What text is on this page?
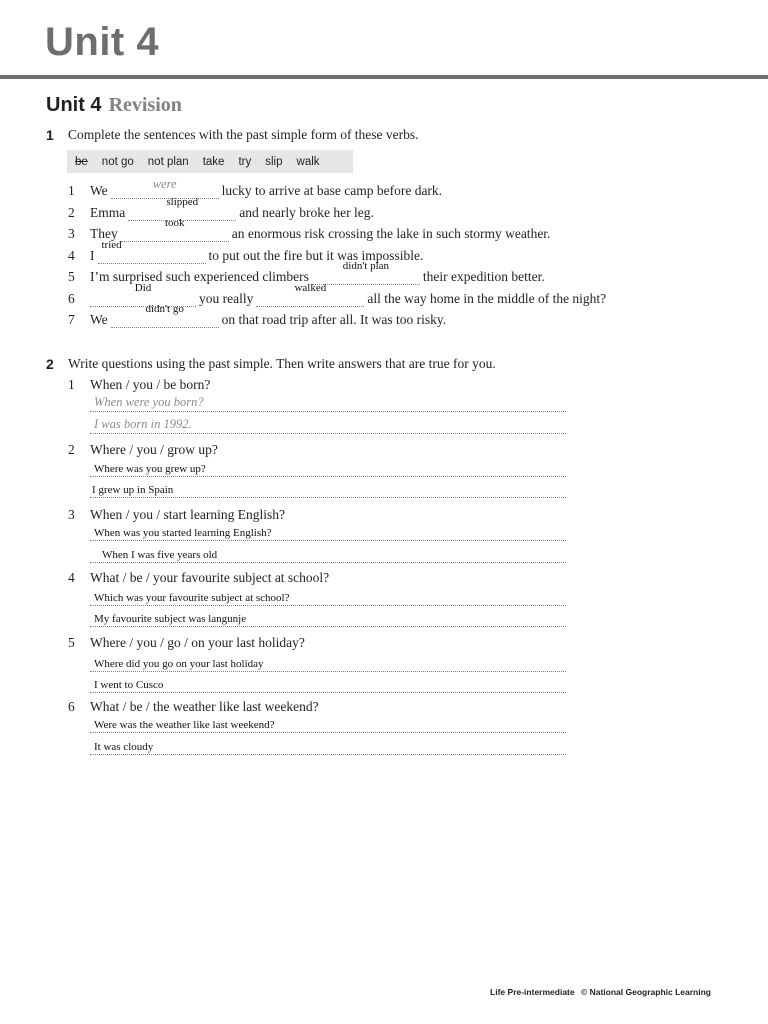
Unit 4
Unit 4 Revision
1 Complete the sentences with the past simple form of these verbs.
be not go not plan take try slip walk
1	We	were	lucky to arrive at base camp before dark.
2	Emma
slipped
and nearly broke her leg.
3	They
took
an enormous risk crossing the lake in such stormy weather.
4	I
tried
to put out the fire but it was impossible.
5	I’m surprised such experienced climbers
didn't plan
their expedition better.
6
Did
you really
walked
all the way home in the middle of the night?
7	We
didn't go
on that road trip after all. It was too risky.
2 Write questions using the past simple. Then write answers that are true for you.
1 When / you / be born?
When were you born?
I was born in 1992.
2 Where / you / grow up?
Where was you grew up?
I grew up in Spain
3 When / you / start learning English?
When was you started learning English?
When I was five years old
4 What / be / your favourite subject at school?
Which was your favourite subject at school?
My favourite subject was langunje
5 Where / you / go / on your last holiday?
Where did you go on your last holiday
I went to Cusco
6 What / be / the weather like last weekend?
Were was the weather like last weekend?
It was cloudy
Life Pre-intermediate © National Geographic Learning
